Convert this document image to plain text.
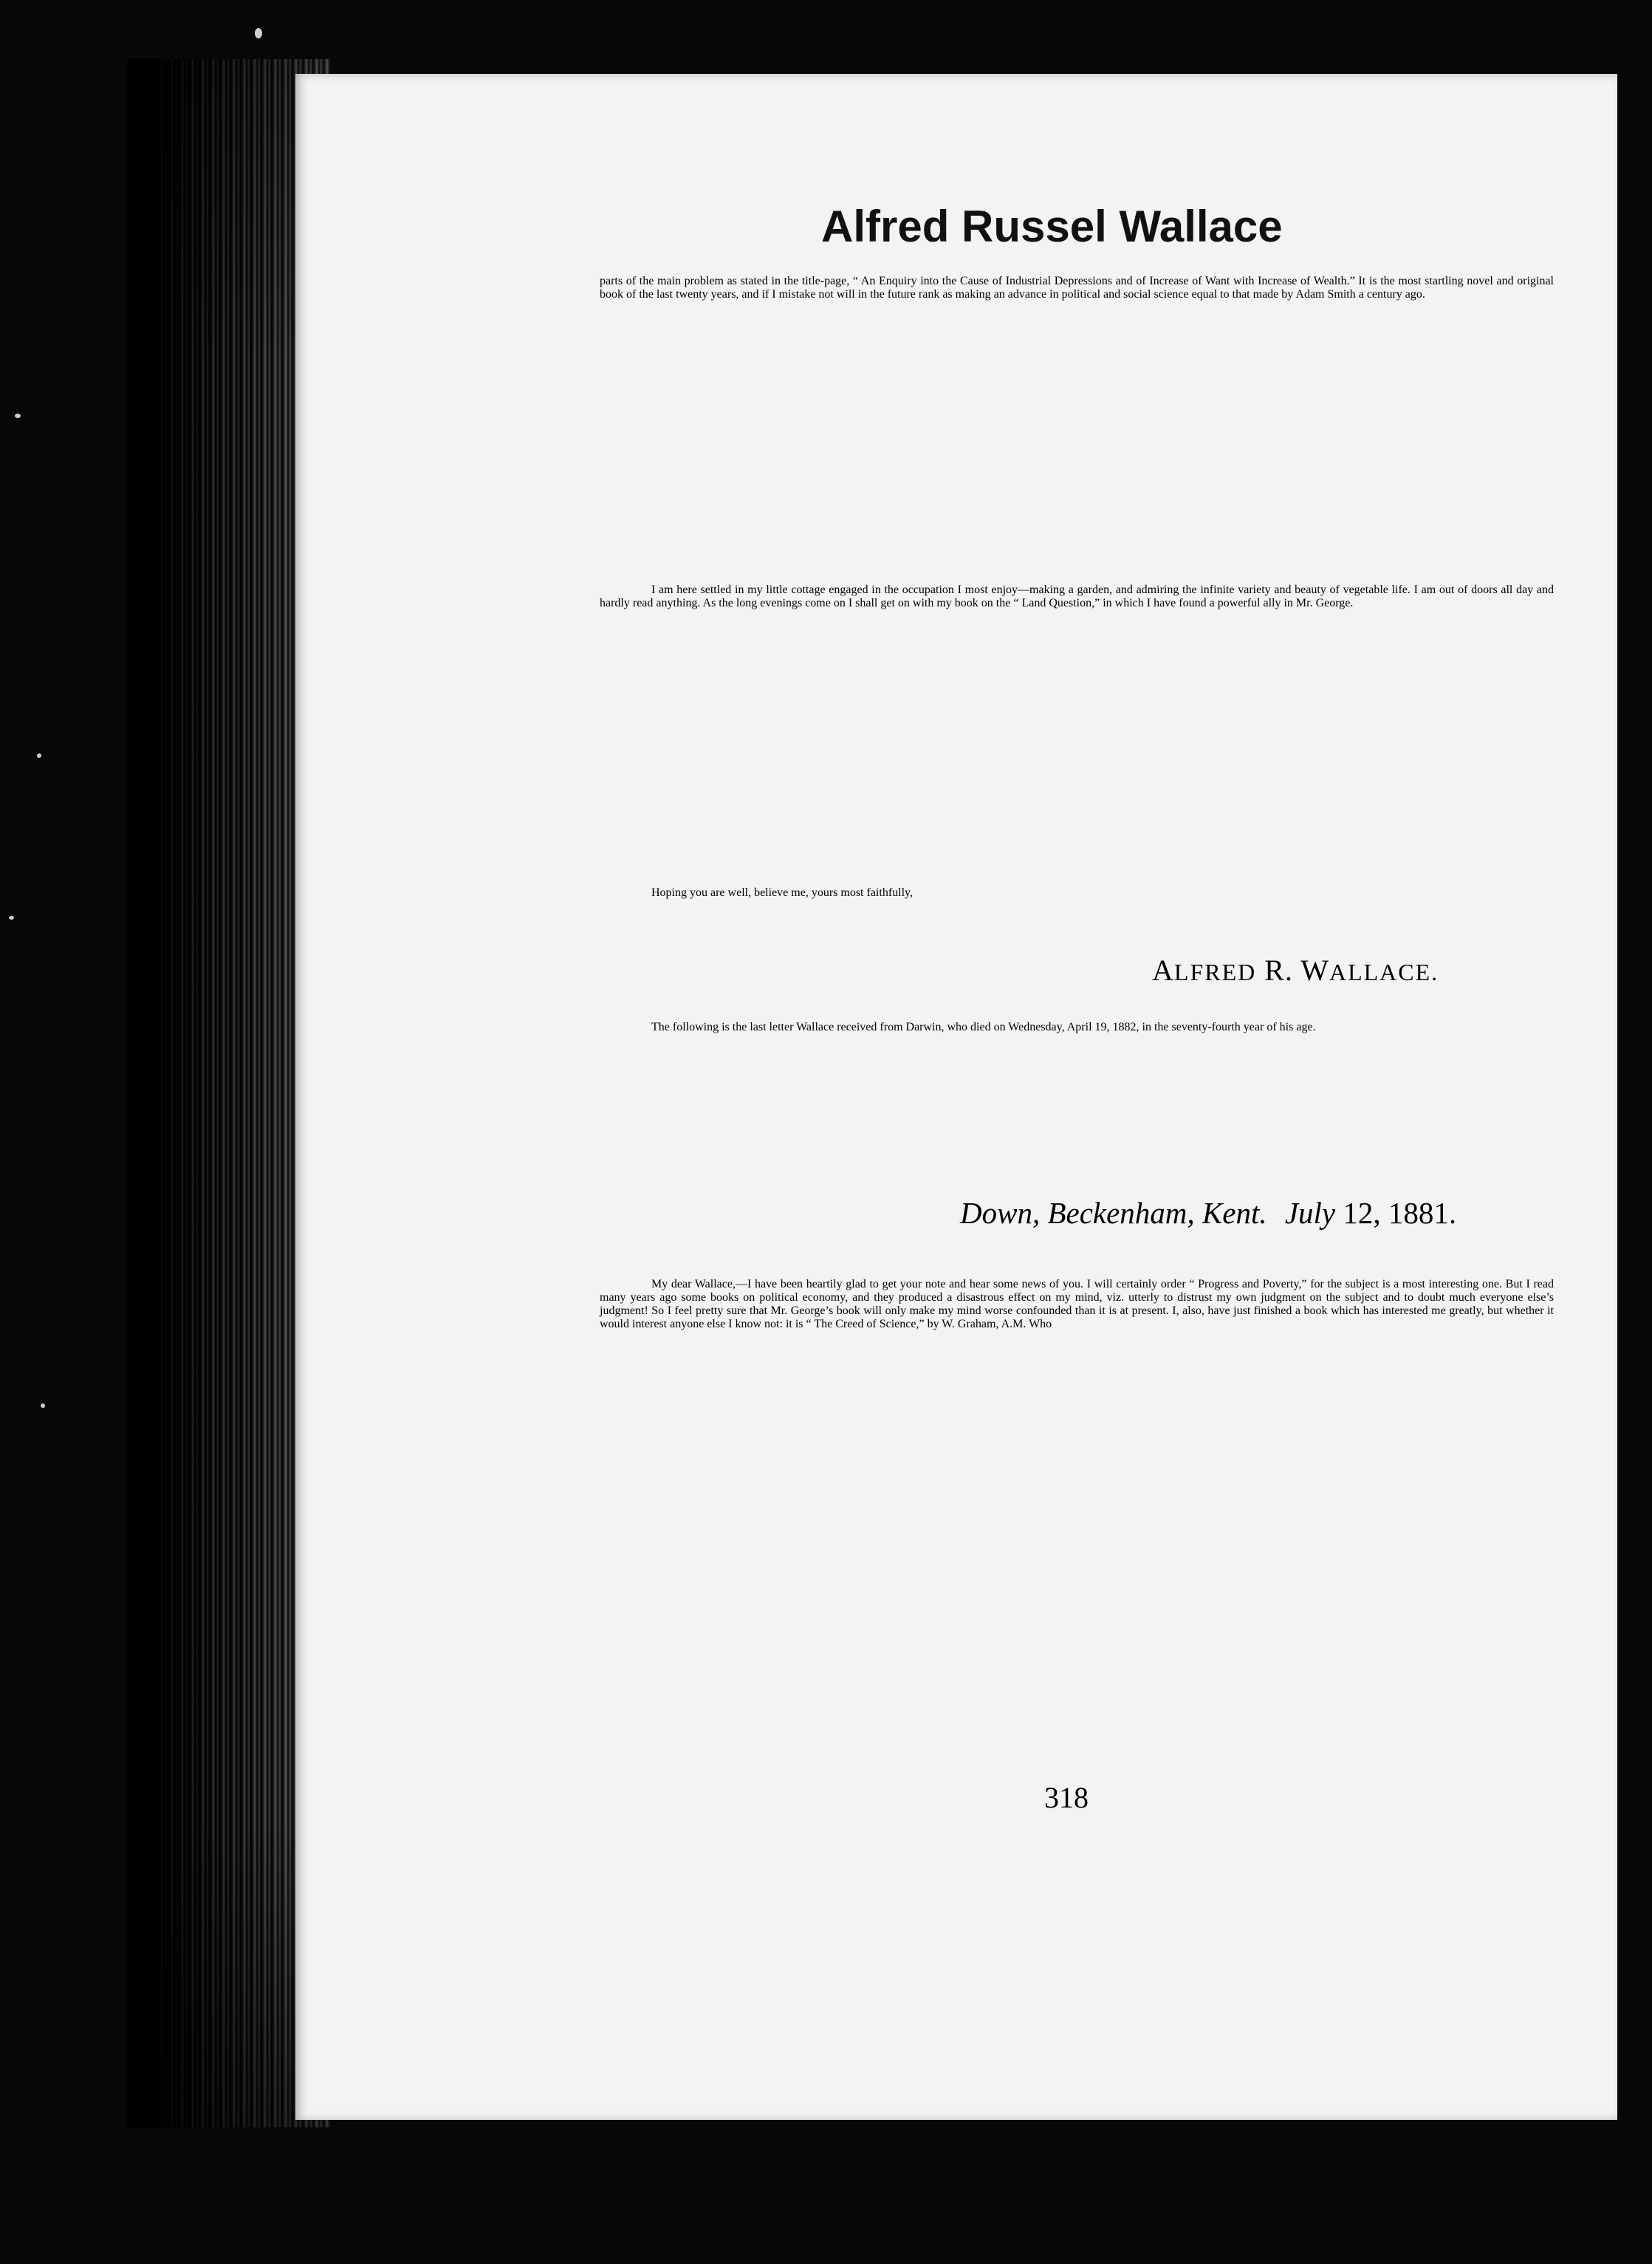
Alfred Russel Wallace
parts of the main problem as stated in the title-page, “ An Enquiry into the Cause of Industrial Depressions and of Increase of Want with Increase of Wealth.” It is the most startling novel and original book of the last twenty years, and if I mistake not will in the future rank as making an advance in political and social science equal to that made by Adam Smith a century ago.
I am here settled in my little cottage engaged in the occupation I most enjoy—making a garden, and admiring the infinite variety and beauty of vegetable life. I am out of doors all day and hardly read anything. As the long evenings come on I shall get on with my book on the “ Land Question,” in which I have found a powerful ally in Mr. George.
Hoping you are well, believe me, yours most faithfully,
ALFRED R. WALLACE.
The following is the last letter Wallace received from Darwin, who died on Wednesday, April 19, 1882, in the seventy-fourth year of his age.
Down, Beckenham, Kent. July 12, 1881.
My dear Wallace,—I have been heartily glad to get your note and hear some news of you. I will certainly order “ Progress and Poverty,” for the subject is a most interesting one. But I read many years ago some books on political economy, and they produced a disastrous effect on my mind, viz. utterly to distrust my own judgment on the subject and to doubt much everyone else’s judgment! So I feel pretty sure that Mr. George’s book will only make my mind worse confounded than it is at present. I, also, have just finished a book which has interested me greatly, but whether it would interest anyone else I know not: it is “ The Creed of Science,” by W. Graham, A.M. Who
318
